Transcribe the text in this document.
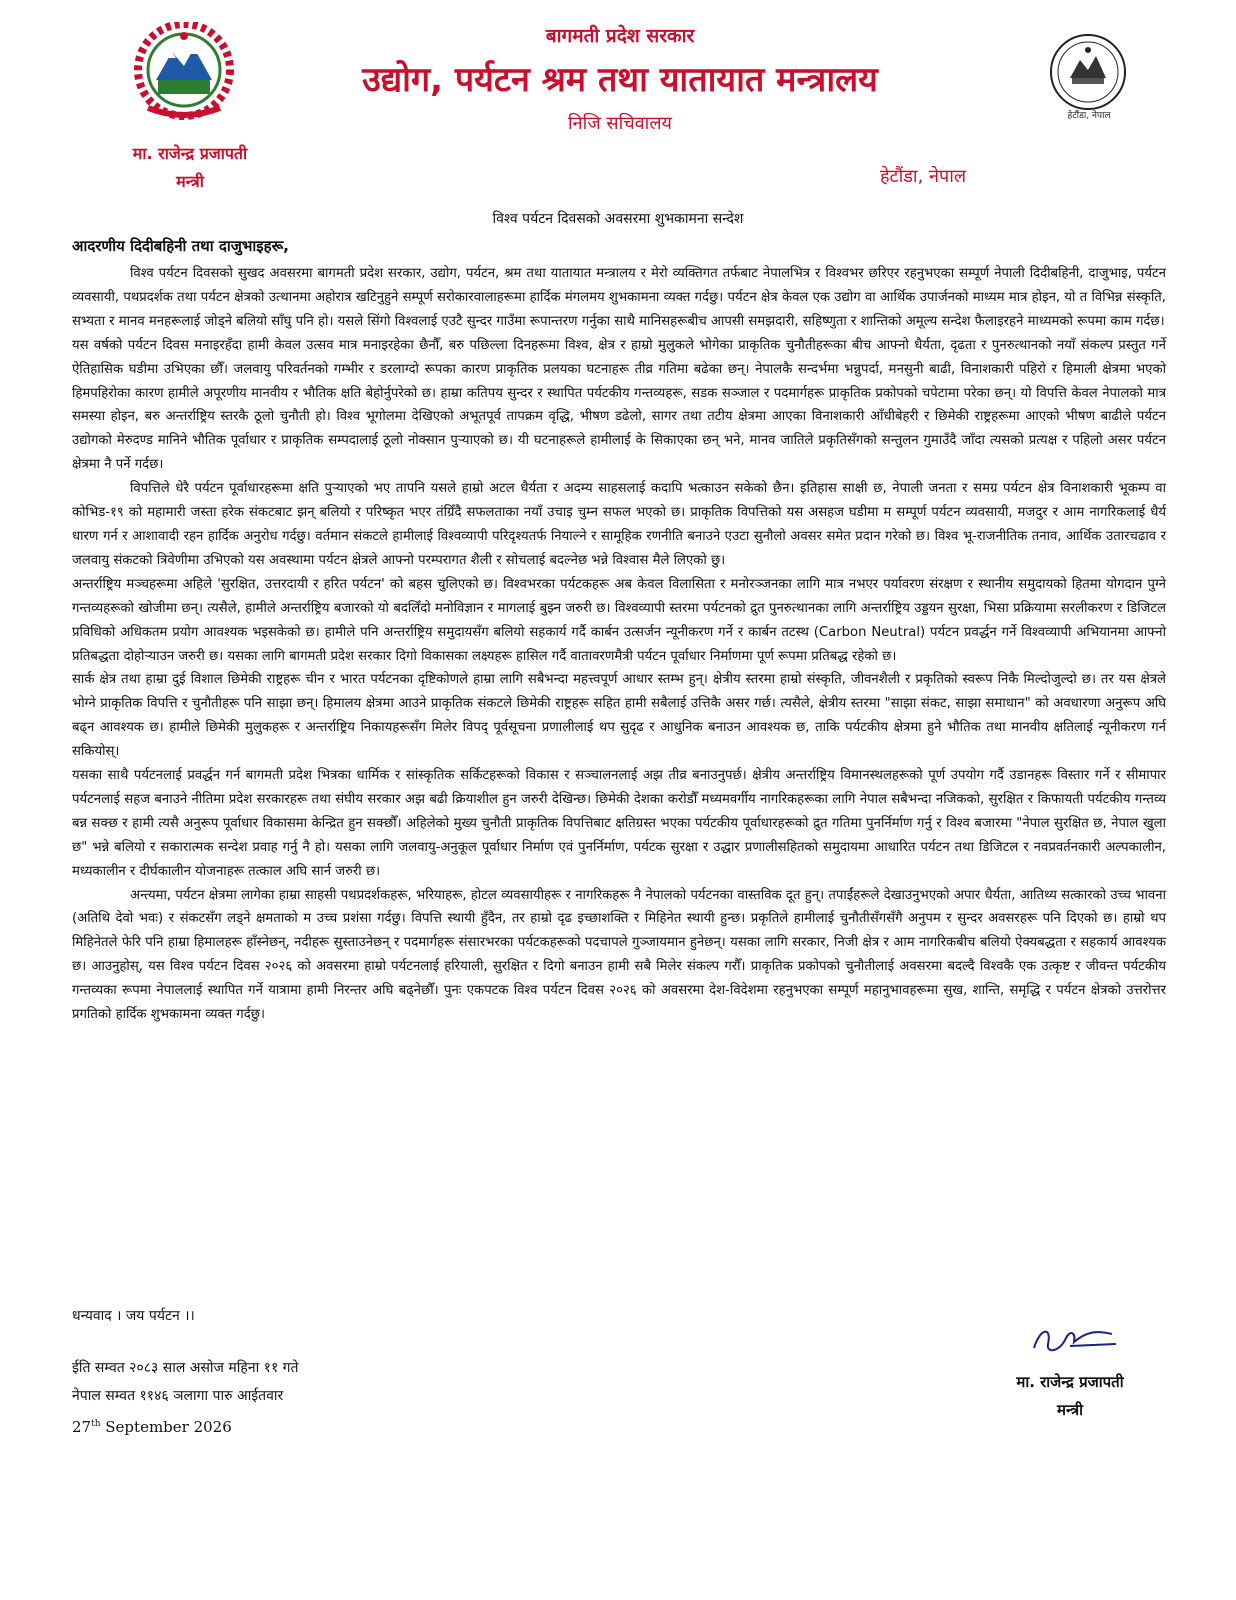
मा. राजेन्द्र प्रजापती
मन्त्री
बागमती प्रदेश सरकार
उद्योग, पर्यटन श्रम तथा यातायात मन्त्रालय
निजि सचिवालय
हेटौंडा, नेपाल
हेटौंडा, नेपाल
विश्व पर्यटन दिवसको अवसरमा शुभकामना सन्देश
आदरणीय दिदीबहिनी तथा दाजुभाइहरू,

विश्व पर्यटन दिवसको सुखद अवसरमा बागमती प्रदेश सरकार, उद्योग, पर्यटन, श्रम तथा यातायात मन्त्रालय र मेरो व्यक्तिगत तर्फबाट नेपालभित्र र विश्वभर छरिएर रहनुभएका सम्पूर्ण नेपाली दिदीबहिनी, दाजुभाइ, पर्यटन व्यवसायी, पथप्रदर्शक तथा पर्यटन क्षेत्रको उत्थानमा अहोरात्र खटिनुहुने सम्पूर्ण सरोकारवालाहरूमा हार्दिक मंगलमय शुभकामना व्यक्त गर्दछु। पर्यटन क्षेत्र केवल एक उद्योग वा आर्थिक उपार्जनको माध्यम मात्र होइन, यो त विभिन्न संस्कृति, सभ्यता र मानव मनहरूलाई जोड्ने बलियो साँघु पनि हो। यसले सिंगो विश्वलाई एउटै सुन्दर गाउँमा रूपान्तरण गर्नुका साथै मानिसहरूबीच आपसी समझदारी, सहिष्णुता र शान्तिको अमूल्य सन्देश फैलाइरहने माध्यमको रूपमा काम गर्दछ।

यस वर्षको पर्यटन दिवस मनाइरहँदा हामी केवल उत्सव मात्र मनाइरहेका छैनौँ, बरु पछिल्ला दिनहरूमा विश्व, क्षेत्र र हाम्रो मुलुकले भोगेका प्राकृतिक चुनौतीहरूका बीच आफ्नो धैर्यता, दृढता र पुनरुत्थानको नयाँ संकल्प प्रस्तुत गर्ने ऐतिहासिक घडीमा उभिएका छौँ। जलवायु परिवर्तनको गम्भीर र डरलाग्दो रूपका कारण प्राकृतिक प्रलयका घटनाहरू तीव्र गतिमा बढेका छन्। नेपालकै सन्दर्भमा भन्नुपर्दा, मनसुनी बाढी, विनाशकारी पहिरो र हिमाली क्षेत्रमा भएको हिमपहिरोका कारण हामीले अपूरणीय मानवीय र भौतिक क्षति बेहोर्नुपरेको छ। हाम्रा कतिपय सुन्दर र स्थापित पर्यटकीय गन्तव्यहरू, सडक सञ्जाल र पदमार्गहरू प्राकृतिक प्रकोपको चपेटामा परेका छन्। यो विपत्ति केवल नेपालको मात्र समस्या होइन, बरु अन्तर्राष्ट्रिय स्तरकै ठूलो चुनौती हो। विश्व भूगोलमा देखिएको अभूतपूर्व तापक्रम वृद्धि, भीषण डढेलो, सागर तथा तटीय क्षेत्रमा आएका विनाशकारी आँधीबेहरी र छिमेकी राष्ट्रहरूमा आएको भीषण बाढीले पर्यटन उद्योगको मेरुदण्ड मानिने भौतिक पूर्वाधार र प्राकृतिक सम्पदालाई ठूलो नोक्सान पुर्‍याएको छ। यी घटनाहरूले हामीलाई के सिकाएका छन् भने, मानव जातिले प्रकृतिसँगको सन्तुलन गुमाउँदै जाँदा त्यसको प्रत्यक्ष र पहिलो असर पर्यटन क्षेत्रमा नै पर्ने गर्दछ।

विपत्तिले धेरै पर्यटन पूर्वाधारहरूमा क्षति पुर्‍याएको भए तापनि यसले हाम्रो अटल धैर्यता र अदम्य साहसलाई कदापि भत्काउन सकेको छैन। इतिहास साक्षी छ, नेपाली जनता र समग्र पर्यटन क्षेत्र विनाशकारी भूकम्प वा कोभिड-१९ को महामारी जस्ता हरेक संकटबाट झन् बलियो र परिष्कृत भएर तंग्रिँदै सफलताका नयाँ उचाइ चुम्न सफल भएको छ। प्राकृतिक विपत्तिको यस असहज घडीमा म सम्पूर्ण पर्यटन व्यवसायी, मजदुर र आम नागरिकलाई धैर्य धारण गर्न र आशावादी रहन हार्दिक अनुरोध गर्दछु। वर्तमान संकटले हामीलाई विश्वव्यापी परिदृश्यतर्फ नियाल्ने र सामूहिक रणनीति बनाउने एउटा सुनौलो अवसर समेत प्रदान गरेको छ। विश्व भू-राजनीतिक तनाव, आर्थिक उतारचढाव र जलवायु संकटको त्रिवेणीमा उभिएको यस अवस्थामा पर्यटन क्षेत्रले आफ्नो परम्परागत शैली र सोचलाई बदल्नेछ भन्ने विश्वास मैले लिएको छु।

अन्तर्राष्ट्रिय मञ्चहरूमा अहिले 'सुरक्षित, उत्तरदायी र हरित पर्यटन' को बहस चुलिएको छ। विश्वभरका पर्यटकहरू अब केवल विलासिता र मनोरञ्जनका लागि मात्र नभएर पर्यावरण संरक्षण र स्थानीय समुदायको हितमा योगदान पुग्ने गन्तव्यहरूको खोजीमा छन्। त्यसैले, हामीले अन्तर्राष्ट्रिय बजारको यो बदलिँदो मनोविज्ञान र मागलाई बुझ्न जरुरी छ। विश्वव्यापी स्तरमा पर्यटनको द्रुत पुनरुत्थानका लागि अन्तर्राष्ट्रिय उड्डयन सुरक्षा, भिसा प्रक्रियामा सरलीकरण र डिजिटल प्रविधिको अधिकतम प्रयोग आवश्यक भइसकेको छ। हामीले पनि अन्तर्राष्ट्रिय समुदायसँग बलियो सहकार्य गर्दै कार्बन उत्सर्जन न्यूनीकरण गर्ने र कार्बन तटस्थ (Carbon Neutral) पर्यटन प्रवर्द्धन गर्ने विश्वव्यापी अभियानमा आफ्नो प्रतिबद्धता दोहोऱ्याउन जरुरी छ। यसका लागि बागमती प्रदेश सरकार दिगो विकासका लक्ष्यहरू हासिल गर्दै वातावरणमैत्री पर्यटन पूर्वाधार निर्माणमा पूर्ण रूपमा प्रतिबद्ध रहेको छ।

सार्क क्षेत्र तथा हाम्रा दुई विशाल छिमेकी राष्ट्रहरू चीन र भारत पर्यटनका दृष्टिकोणले हाम्रा लागि सबैभन्दा महत्त्वपूर्ण आधार स्तम्भ हुन्। क्षेत्रीय स्तरमा हाम्रो संस्कृति, जीवनशैली र प्रकृतिको स्वरूप निकै मिल्दोजुल्दो छ। तर यस क्षेत्रले भोग्ने प्राकृतिक विपत्ति र चुनौतीहरू पनि साझा छन्। हिमालय क्षेत्रमा आउने प्राकृतिक संकटले छिमेकी राष्ट्रहरू सहित हामी सबैलाई उत्तिकै असर गर्छ। त्यसैले, क्षेत्रीय स्तरमा "साझा संकट, साझा समाधान" को अवधारणा अनुरूप अघि बढ्न आवश्यक छ। हामीले छिमेकी मुलुकहरू र अन्तर्राष्ट्रिय निकायहरूसँग मिलेर विपद् पूर्वसूचना प्रणालीलाई थप सुदृढ र आधुनिक बनाउन आवश्यक छ, ताकि पर्यटकीय क्षेत्रमा हुने भौतिक तथा मानवीय क्षतिलाई न्यूनीकरण गर्न सकियोस्।

यसका साथै पर्यटनलाई प्रवर्द्धन गर्न बागमती प्रदेश भित्रका धार्मिक र सांस्कृतिक सर्किटहरूको विकास र सञ्चालनलाई अझ तीव्र बनाउनुपर्छ। क्षेत्रीय अन्तर्राष्ट्रिय विमानस्थलहरूको पूर्ण उपयोग गर्दै उडानहरू विस्तार गर्ने र सीमापार पर्यटनलाई सहज बनाउने नीतिमा प्रदेश सरकारहरू तथा संघीय सरकार अझ बढी क्रियाशील हुन जरुरी देखिन्छ। छिमेकी देशका करोडौँ मध्यमवर्गीय नागरिकहरूका लागि नेपाल सबैभन्दा नजिकको, सुरक्षित र किफायती पर्यटकीय गन्तव्य बन्न सक्छ र हामी त्यसै अनुरूप पूर्वाधार विकासमा केन्द्रित हुन सक्छौँ। अहिलेको मुख्य चुनौती प्राकृतिक विपत्तिबाट क्षतिग्रस्त भएका पर्यटकीय पूर्वाधारहरूको द्रुत गतिमा पुनर्निर्माण गर्नु र विश्व बजारमा "नेपाल सुरक्षित छ, नेपाल खुला छ" भन्ने बलियो र सकारात्मक सन्देश प्रवाह गर्नु नै हो। यसका लागि जलवायु-अनुकूल पूर्वाधार निर्माण एवं पुनर्निर्माण, पर्यटक सुरक्षा र उद्धार प्रणालीसहितको समुदायमा आधारित पर्यटन तथा डिजिटल र नवप्रवर्तनकारी अल्पकालीन, मध्यकालीन र दीर्घकालीन योजनाहरू तत्काल अघि सार्न जरुरी छ।

अन्त्यमा, पर्यटन क्षेत्रमा लागेका हाम्रा साहसी पथप्रदर्शकहरू, भरियाहरू, होटल व्यवसायीहरू र नागरिकहरू नै नेपालको पर्यटनका वास्तविक दूत हुन्। तपाईंहरूले देखाउनुभएको अपार धैर्यता, आतिथ्य सत्कारको उच्च भावना (अतिथि देवो भवः) र संकटसँग लड्ने क्षमताको म उच्च प्रशंसा गर्दछु। विपत्ति स्थायी हुँदैन, तर हाम्रो दृढ इच्छाशक्ति र मिहिनेत स्थायी हुन्छ। प्रकृतिले हामीलाई चुनौतीसँगसँगै अनुपम र सुन्दर अवसरहरू पनि दिएको छ। हाम्रो थप मिहिनेतले फेरि पनि हाम्रा हिमालहरू हाँस्नेछन्, नदीहरू सुस्ताउनेछन् र पदमार्गहरू संसारभरका पर्यटकहरूको पदचापले गुञ्जायमान हुनेछन्। यसका लागि सरकार, निजी क्षेत्र र आम नागरिकबीच बलियो ऐक्यबद्धता र सहकार्य आवश्यक छ। आउनुहोस्, यस विश्व पर्यटन दिवस २०२६ को अवसरमा हाम्रो पर्यटनलाई हरियाली, सुरक्षित र दिगो बनाउन हामी सबै मिलेर संकल्प गरौँ। प्राकृतिक प्रकोपको चुनौतीलाई अवसरमा बदल्दै विश्वकै एक उत्कृष्ट र जीवन्त पर्यटकीय गन्तव्यका रूपमा नेपाललाई स्थापित गर्ने यात्रामा हामी निरन्तर अघि बढ्नेछौँ। पुनः एकपटक विश्व पर्यटन दिवस २०२६ को अवसरमा देश-विदेशमा रहनुभएका सम्पूर्ण महानुभावहरूमा सुख, शान्ति, समृद्धि र पर्यटन क्षेत्रको उत्तरोत्तर प्रगतिको हार्दिक शुभकामना व्यक्त गर्दछु।

धन्यवाद । जय पर्यटन ।।
ईति सम्वत २०८३ साल असोज महिना ११ गते
नेपाल सम्वत ११४६ ञलागा पारु आईतवार
27th September 2026
मा. राजेन्द्र प्रजापती
मन्त्री
